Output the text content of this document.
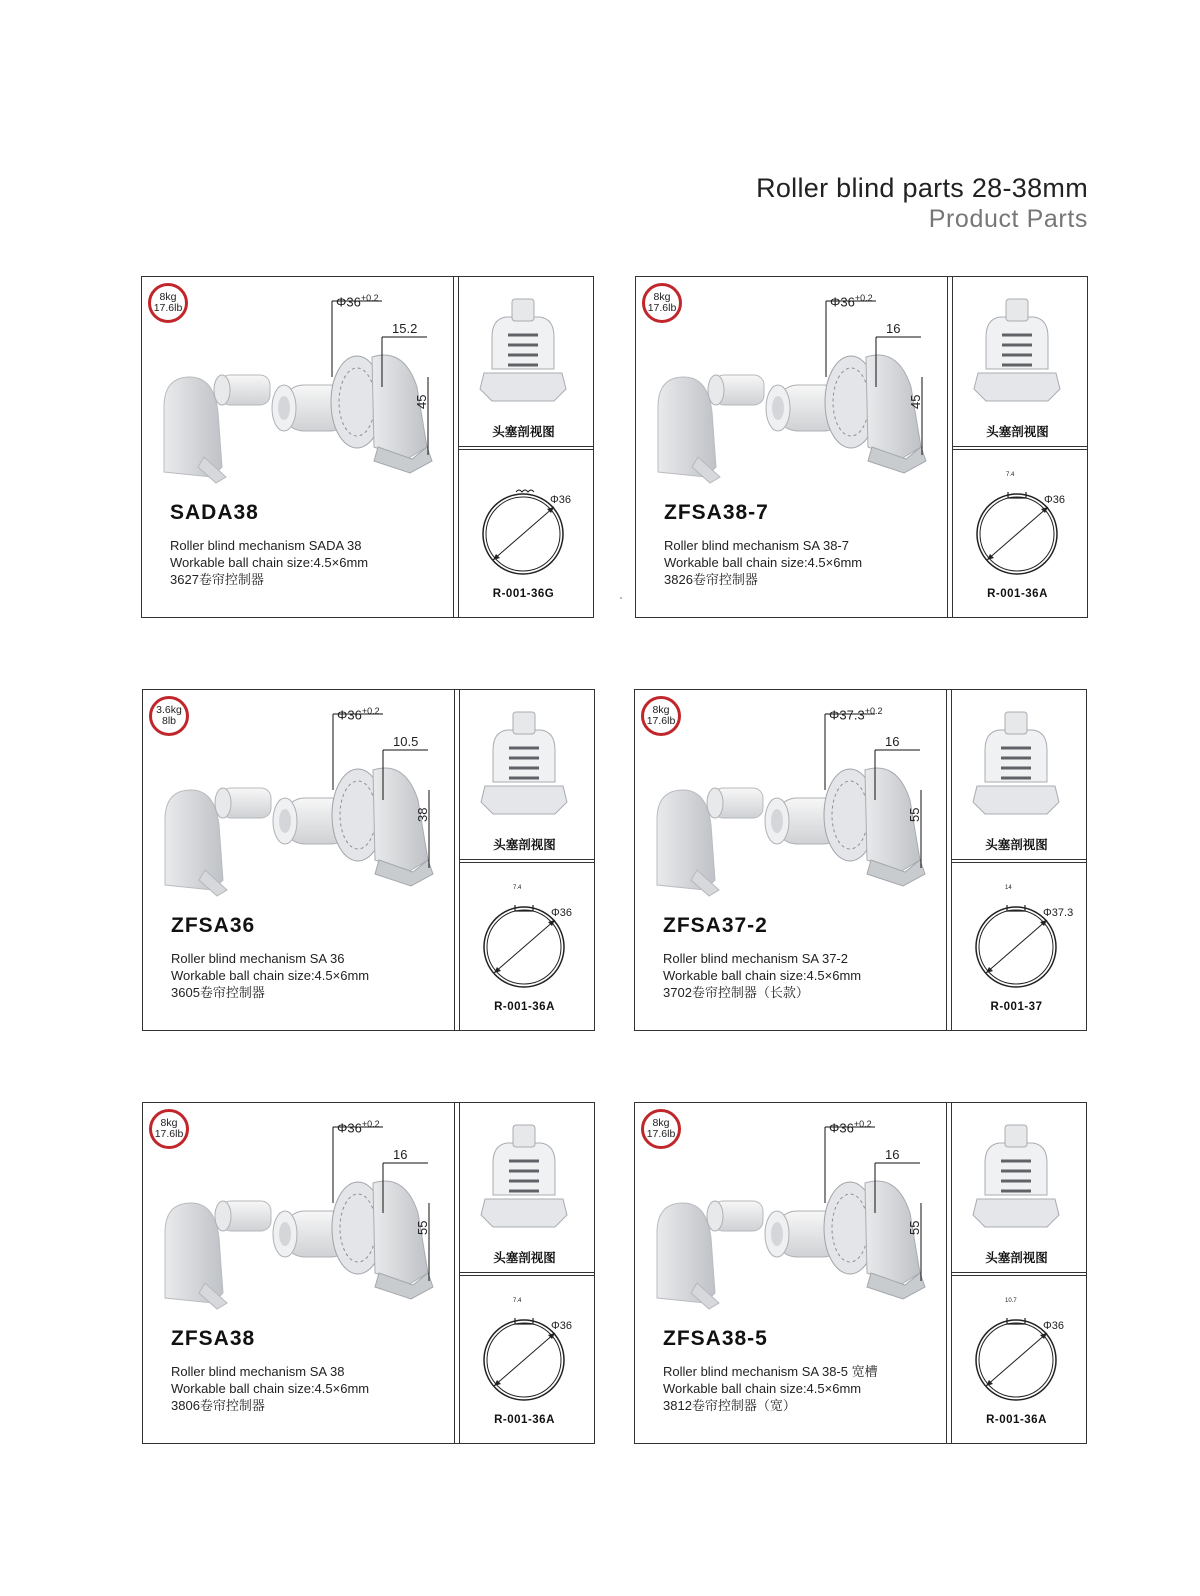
Roller blind parts 28-38mm
Product Parts
8kg
17.6lb	$\Phi 36^{+0.2}$
15.2
45
SADA38
Roller blind mechanism SADA 38
Workable ball chain size:4.5×6mm
3627卷帘控制器
头塞剖视图
Φ36
R-001-36G
8kg
17.6lb	$\Phi 36^{+0.2}$
16
45
ZFSA38-7
Roller blind mechanism SA 38-7
Workable ball chain size:4.5×6mm
3826卷帘控制器
头塞剖视图
Φ36
7.4
R-001-36A
3.6kg
8lb	$\Phi 36^{+0.2}$
10.5
38
ZFSA36
Roller blind mechanism SA 36
Workable ball chain size:4.5×6mm
3605卷帘控制器
头塞剖视图
Φ36
7.4
R-001-36A
8kg
17.6lb	$\Phi 37.3^{+0.2}$
16
55
ZFSA37-2
Roller blind mechanism SA 37-2
Workable ball chain size:4.5×6mm
3702卷帘控制器（长款）
头塞剖视图
Φ37.3
14
R-001-37
8kg
17.6lb	$\Phi 36^{+0.2}$
16
55
ZFSA38
Roller blind mechanism SA 38
Workable ball chain size:4.5×6mm
3806卷帘控制器
头塞剖视图
Φ36
7.4
R-001-36A
8kg
17.6lb	$\Phi 36^{+0.2}$
16
55
ZFSA38-5
Roller blind mechanism SA 38-5 宽槽
Workable ball chain size:4.5×6mm
3812卷帘控制器（宽）
头塞剖视图
Φ36
10.7
R-001-36A
